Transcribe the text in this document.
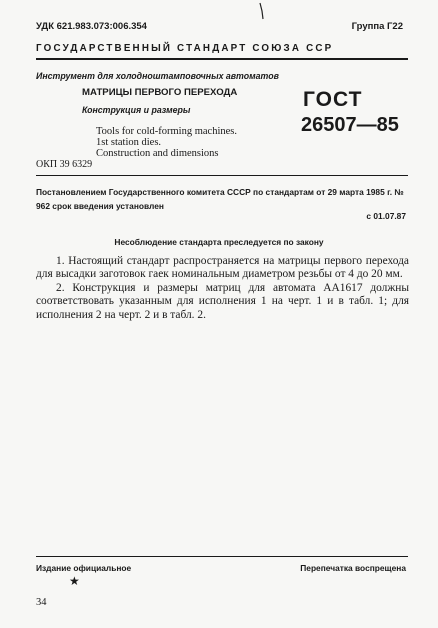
УДК 621.983.073:006.354	Группа Г22
ГОСУДАРСТВЕННЫЙ СТАНДАРТ СОЮЗА ССР
Инструмент для холодноштамповочных автоматов
МАТРИЦЫ ПЕРВОГО ПЕРЕХОДА
Конструкция и размеры
Tools for cold-forming machines.
1st station dies.
Construction and dimensions
ГОСТ
26507—85
ОКП 39 6329
Постановлением Государственного комитета СССР по стандартам от 29 марта 1985 г. № 962 срок введения установлен
с 01.07.87
Несоблюдение стандарта преследуется по закону

1. Настоящий стандарт распространяется на матрицы первого перехода для высадки заготовок гаек номинальным диаметром резьбы от 4 до 20 мм.

2. Конструкция и размеры матриц для автомата АА1617 должны соответствовать указанным для исполнения 1 на черт. 1 и в табл. 1; для исполнения 2 на черт. 2 и в табл. 2.

Издание официальное	Перепечатка воспрещена
★
34
